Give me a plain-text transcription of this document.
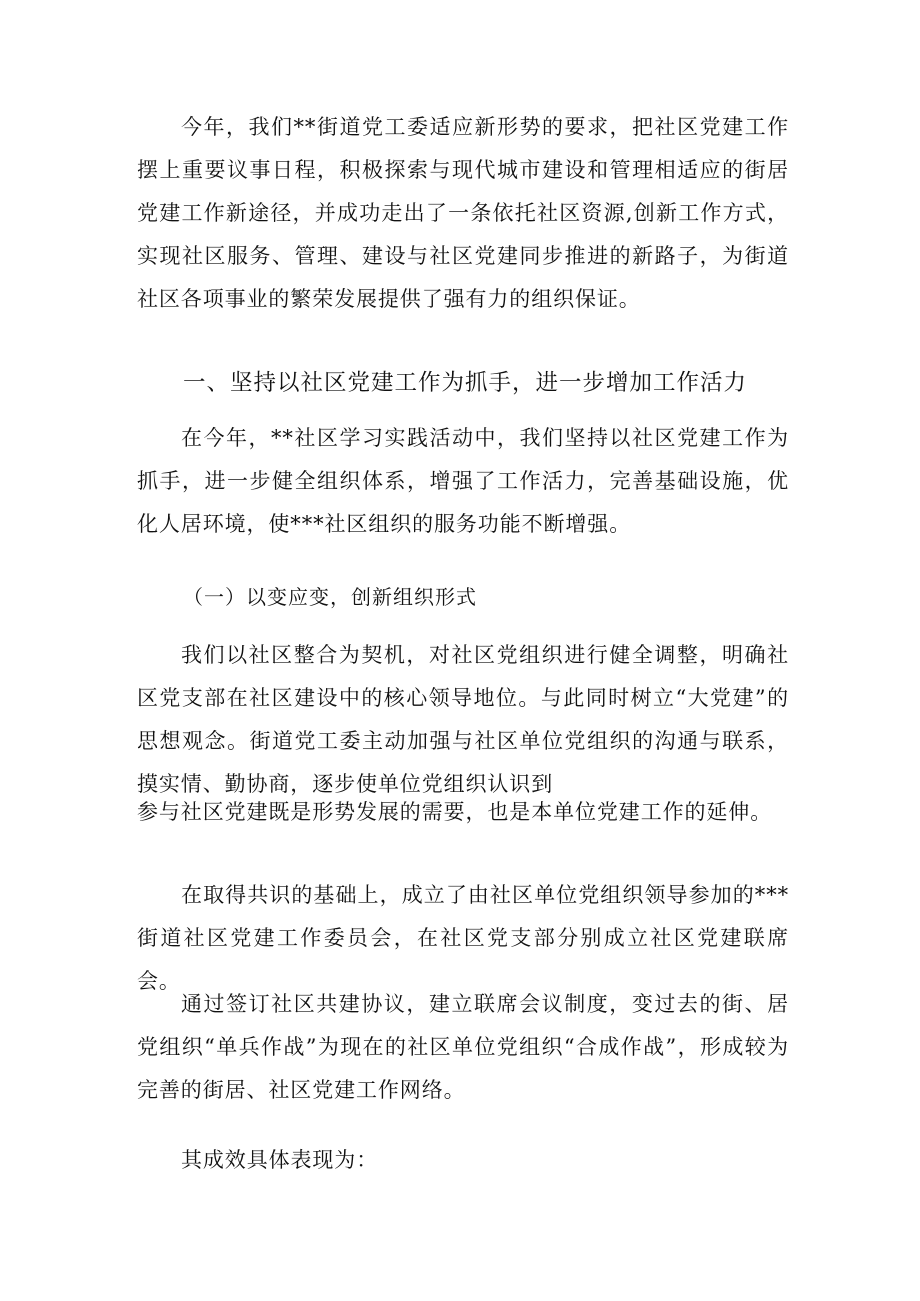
今年，我们**街道党工委适应新形势的要求，把社区党建工作摆上重要议事日程，积极探索与现代城市建设和管理相适应的街居党建工作新途径，并成功走出了一条依托社区资源,创新工作方式，实现社区服务、管理、建设与社区党建同步推进的新路子，为街道社区各项事业的繁荣发展提供了强有力的组织保证。

一、坚持以社区党建工作为抓手，进一步增加工作活力

在今年，**社区学习实践活动中，我们坚持以社区党建工作为抓手，进一步健全组织体系，增强了工作活力，完善基础设施，优化人居环境，使***社区组织的服务功能不断增强。

（一）以变应变，创新组织形式

我们以社区整合为契机，对社区党组织进行健全调整，明确社区党支部在社区建设中的核心领导地位。与此同时树立“大党建”的思想观念。街道党工委主动加强与社区单位党组织的沟通与联系，摸实情、勤协商，逐步使单位党组织认识到

参与社区党建既是形势发展的需要，也是本单位党建工作的延伸。

在取得共识的基础上，成立了由社区单位党组织领导参加的***街道社区党建工作委员会，在社区党支部分别成立社区党建联席会。

通过签订社区共建协议，建立联席会议制度，变过去的街、居党组织“单兵作战”为现在的社区单位党组织“合成作战”，形成较为完善的街居、社区党建工作网络。

其成效具体表现为：
